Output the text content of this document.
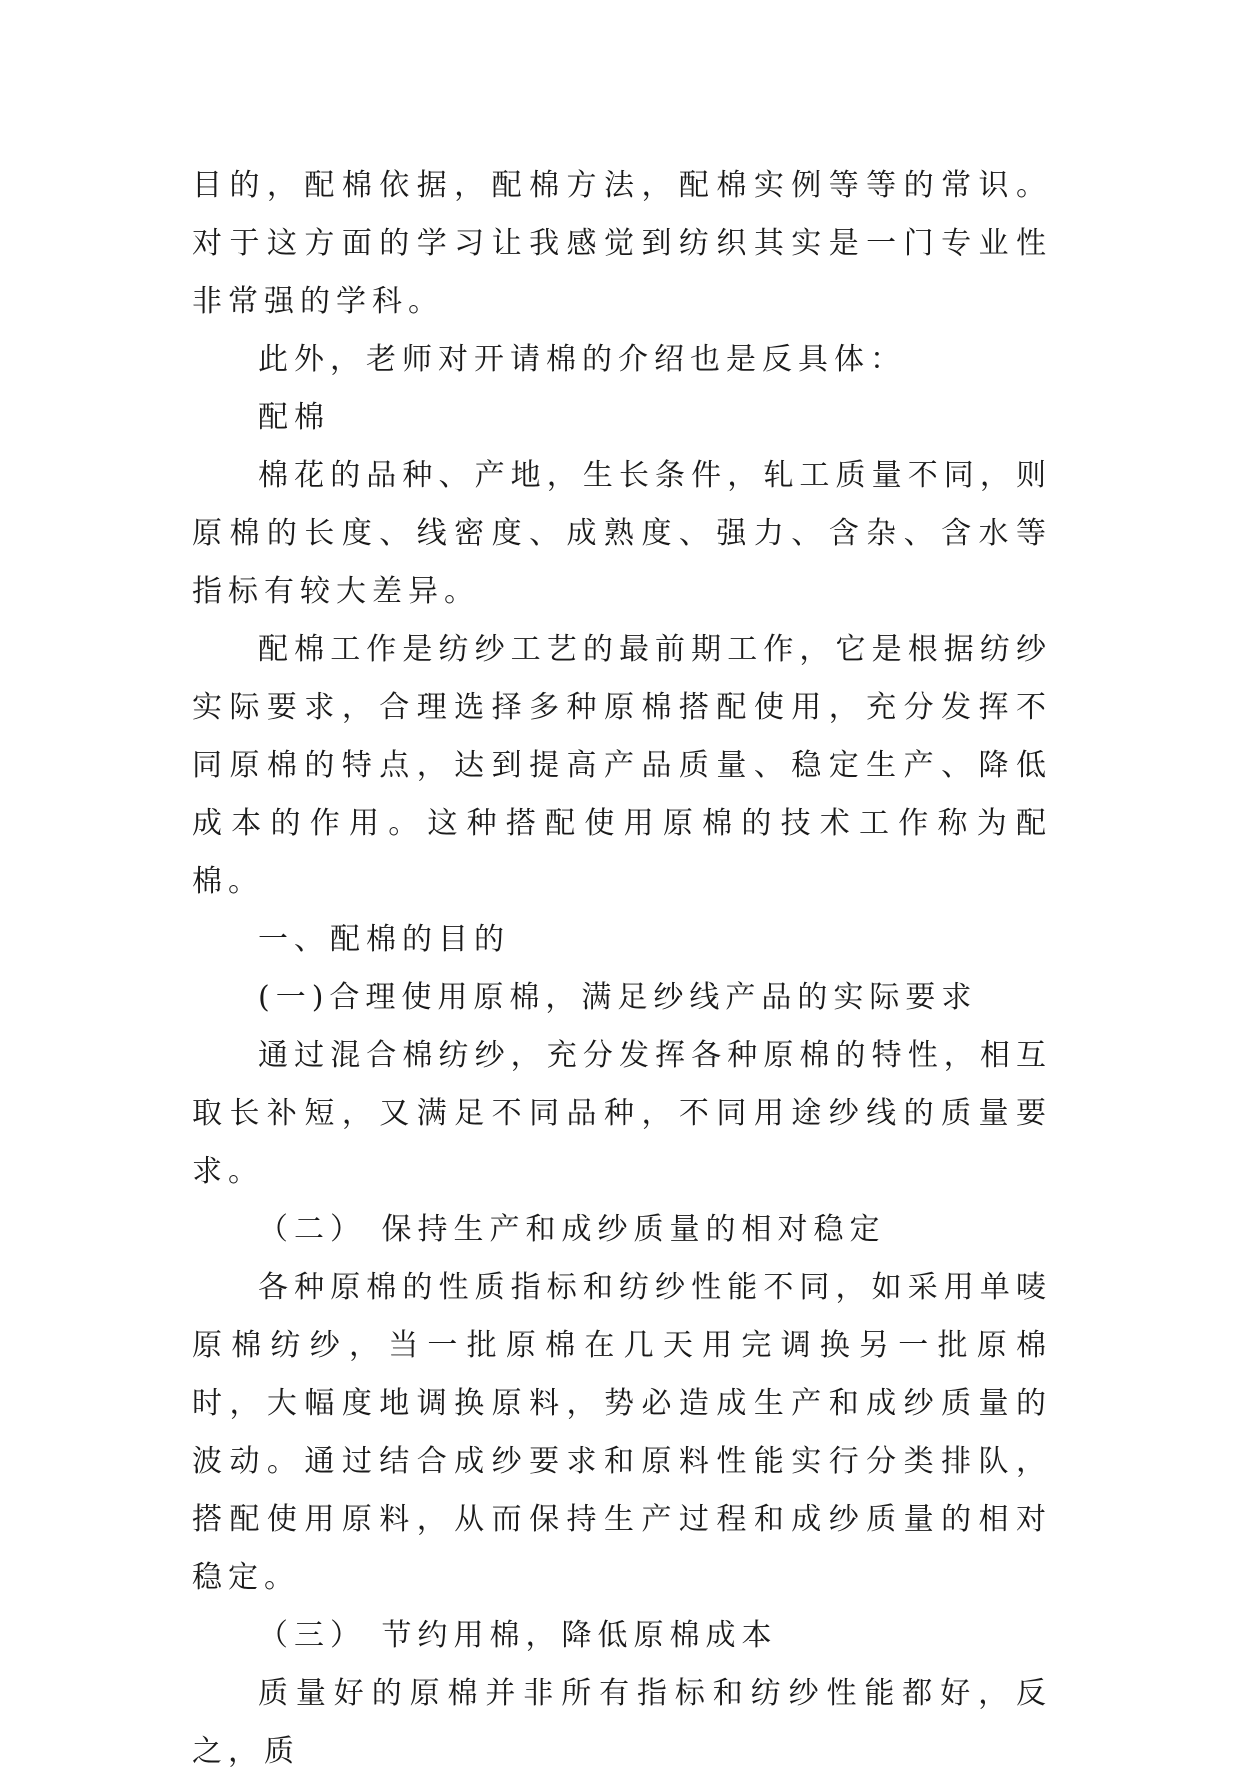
目的，配棉依据，配棉方法，配棉实例等等的常识。对于这方面的学习让我感觉到纺织其实是一门专业性非常强的学科。

此外，老师对开请棉的介绍也是反具体：

配棉

棉花的品种、产地，生长条件，轧工质量不同，则原棉的长度、线密度、成熟度、强力、含杂、含水等指标有较大差异。

配棉工作是纺纱工艺的最前期工作，它是根据纺纱实际要求，合理选择多种原棉搭配使用，充分发挥不同原棉的特点，达到提高产品质量、稳定生产、降低成本的作用。这种搭配使用原棉的技术工作称为配棉。

一、配棉的目的

(一)合理使用原棉，满足纱线产品的实际要求

通过混合棉纺纱，充分发挥各种原棉的特性，相互取长补短，又满足不同品种，不同用途纱线的质量要求。

（二） 保持生产和成纱质量的相对稳定

各种原棉的性质指标和纺纱性能不同，如采用单唛原棉纺纱，当一批原棉在几天用完调换另一批原棉时，大幅度地调换原料，势必造成生产和成纱质量的波动。通过结合成纱要求和原料性能实行分类排队，搭配使用原料，从而保持生产过程和成纱质量的相对稳定。

（三） 节约用棉，降低原棉成本

质量好的原棉并非所有指标和纺纱性能都好，反之，质
